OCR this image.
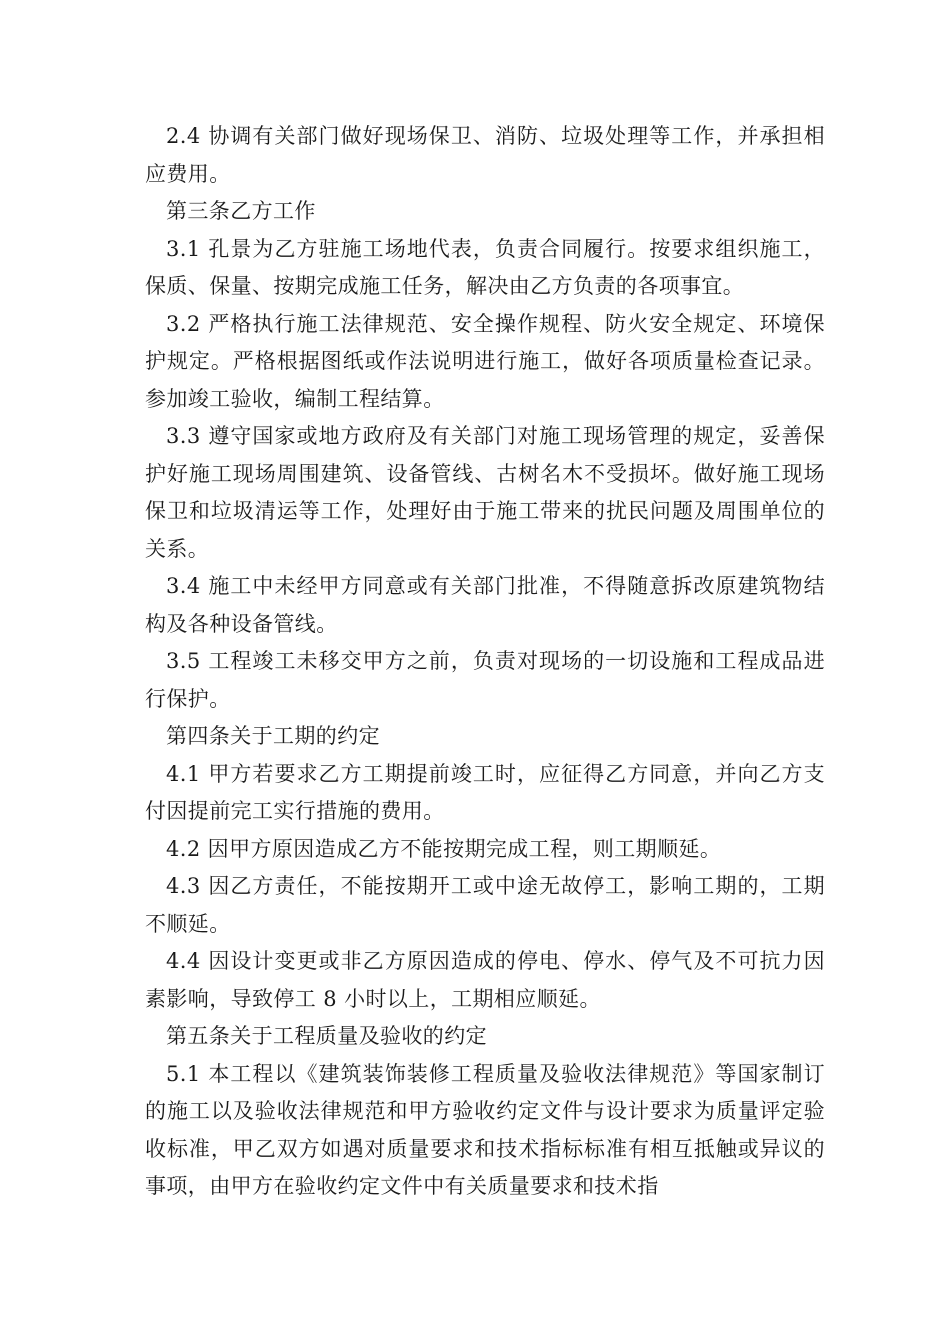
2.4 协调有关部门做好现场保卫、消防、垃圾处理等工作，并承担相应费用。

第三条乙方工作

3.1 孔景为乙方驻施工场地代表，负责合同履行。按要求组织施工，保质、保量、按期完成施工任务，解决由乙方负责的各项事宜。

3.2 严格执行施工法律规范、安全操作规程、防火安全规定、环境保护规定。严格根据图纸或作法说明进行施工，做好各项质量检查记录。参加竣工验收，编制工程结算。

3.3 遵守国家或地方政府及有关部门对施工现场管理的规定，妥善保护好施工现场周围建筑、设备管线、古树名木不受损坏。做好施工现场保卫和垃圾清运等工作，处理好由于施工带来的扰民问题及周围单位的关系。

3.4 施工中未经甲方同意或有关部门批准，不得随意拆改原建筑物结构及各种设备管线。

3.5 工程竣工未移交甲方之前，负责对现场的一切设施和工程成品进行保护。

第四条关于工期的约定

4.1 甲方若要求乙方工期提前竣工时，应征得乙方同意，并向乙方支付因提前完工实行措施的费用。

4.2 因甲方原因造成乙方不能按期完成工程，则工期顺延。

4.3 因乙方责任，不能按期开工或中途无故停工，影响工期的，工期不顺延。

4.4 因设计变更或非乙方原因造成的停电、停水、停气及不可抗力因素影响，导致停工 8 小时以上，工期相应顺延。

第五条关于工程质量及验收的约定

5.1 本工程以《建筑装饰装修工程质量及验收法律规范》等国家制订的施工以及验收法律规范和甲方验收约定文件与设计要求为质量评定验收标准，甲乙双方如遇对质量要求和技术指标标准有相互抵触或异议的事项，由甲方在验收约定文件中有关质量要求和技术指
